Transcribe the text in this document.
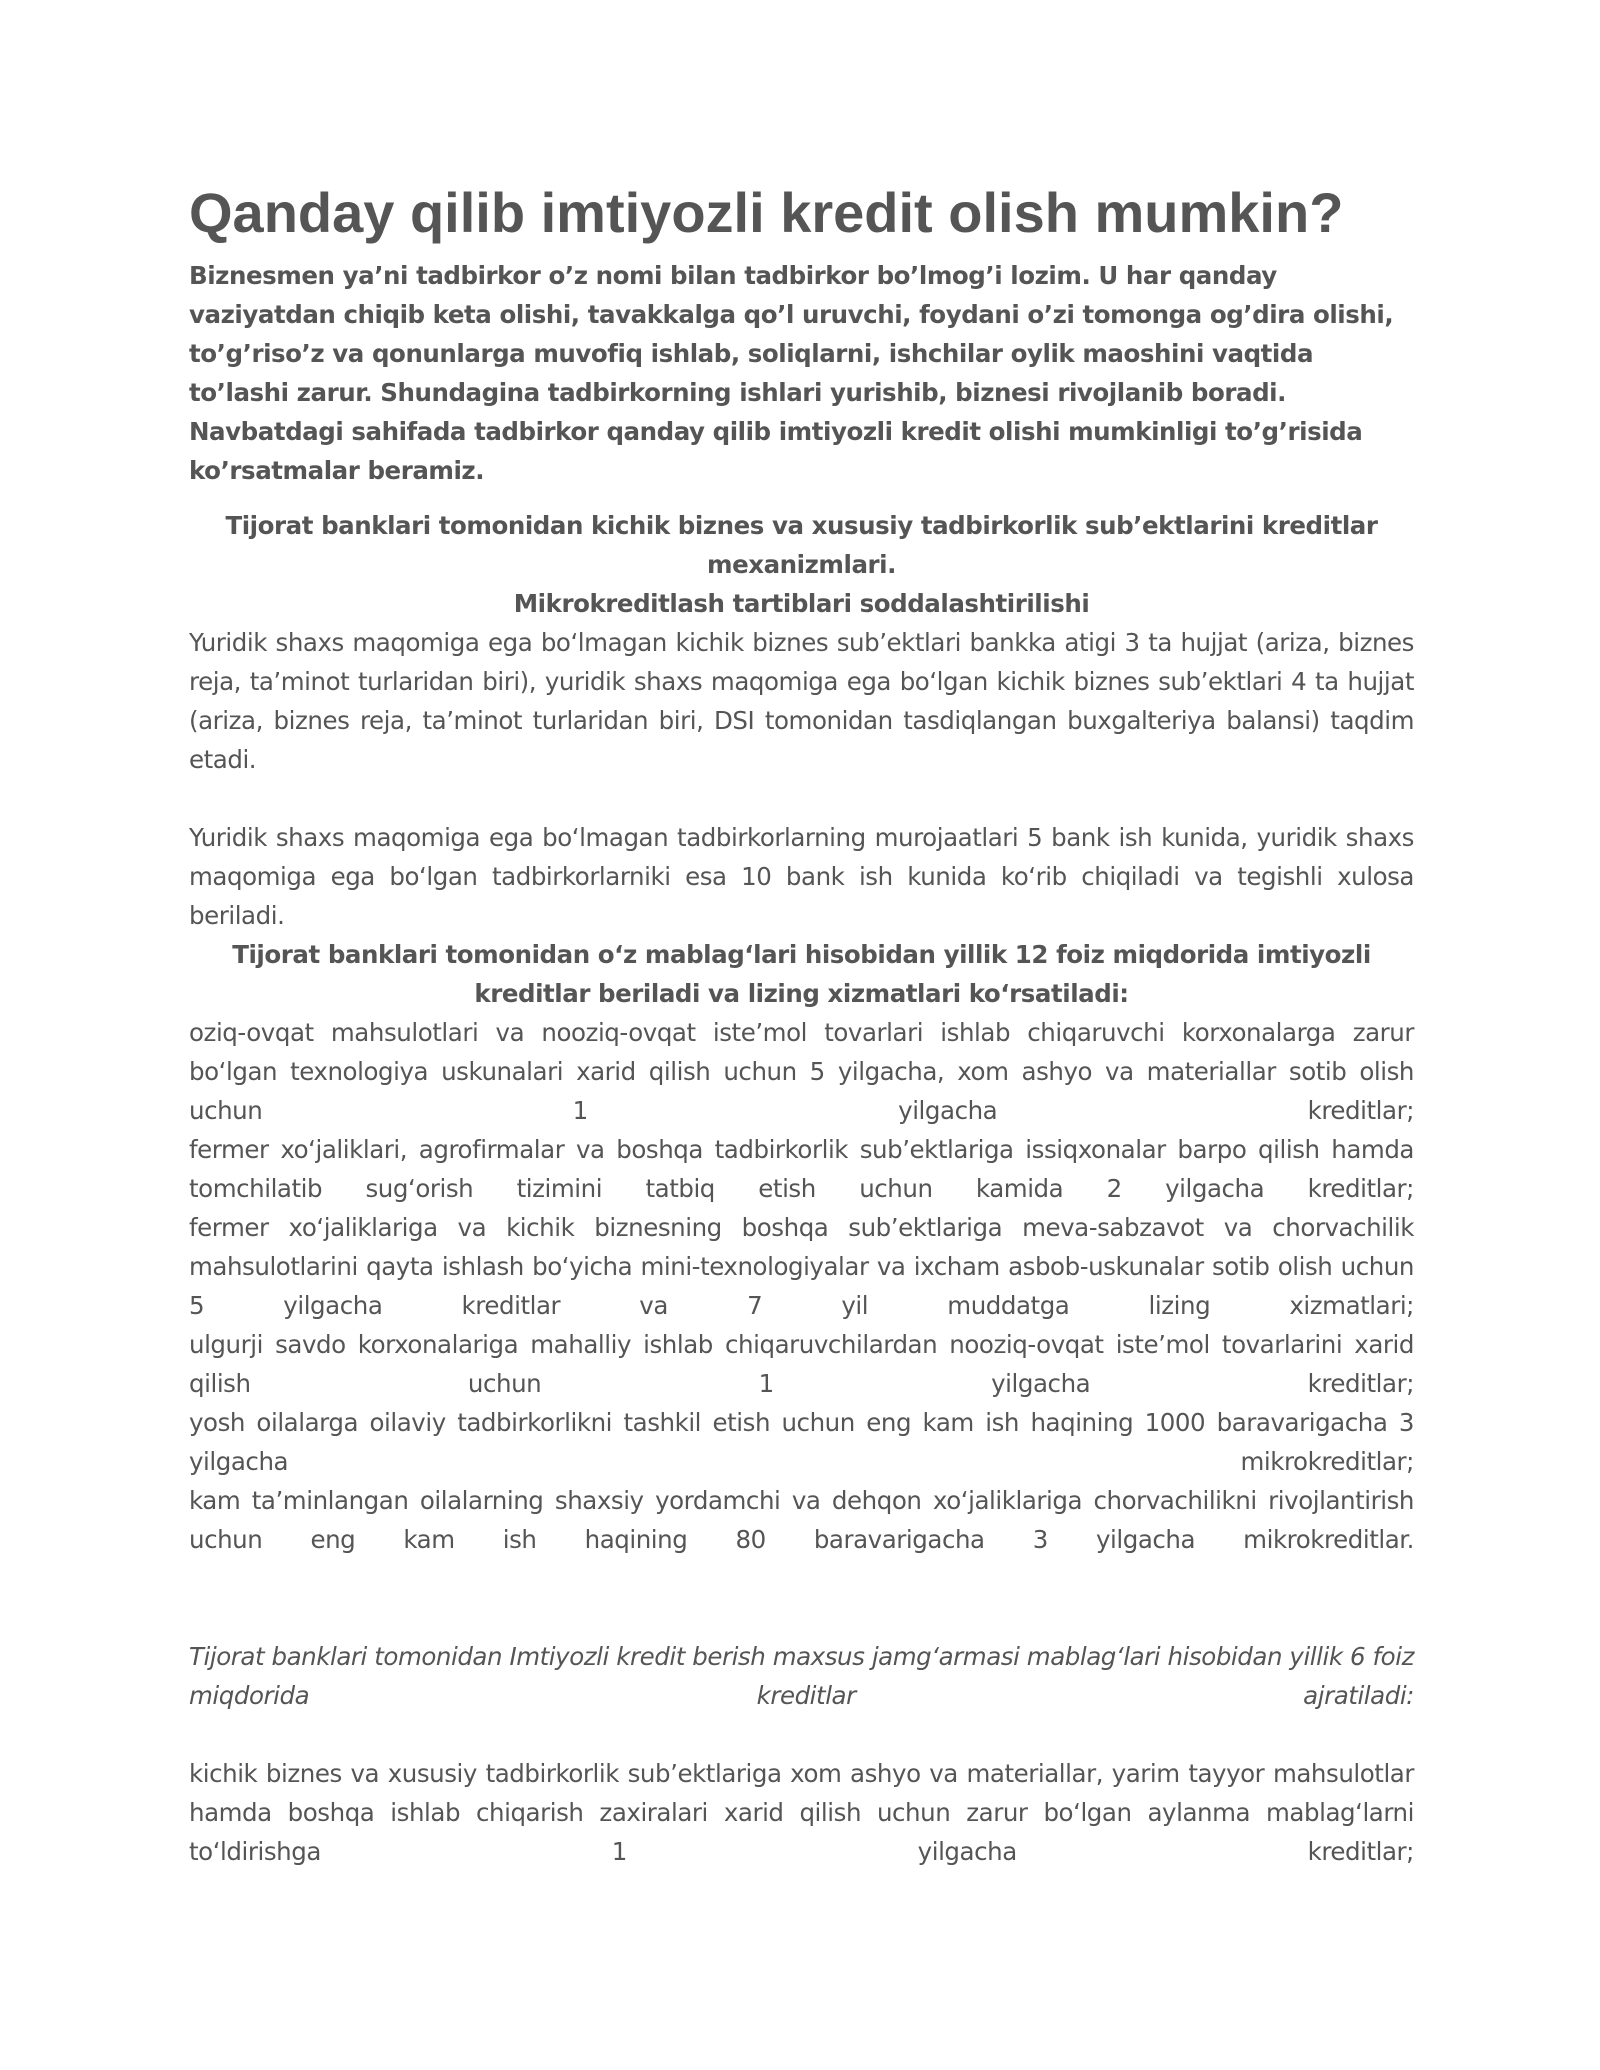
Qanday qilib imtiyozli kredit olish mumkin?

Biznesmen ya’ni tadbirkor o’z nomi bilan tadbirkor bo’lmog’i lozim. U har qanday vaziyatdan chiqib keta olishi, tavakkalga qo’l uruvchi, foydani o’zi tomonga og’dira olishi, to’g’riso’z va qonunlarga muvofiq ishlab, soliqlarni, ishchilar oylik maoshini vaqtida to’lashi zarur. Shundagina tadbirkorning ishlari yurishib, biznesi rivojlanib boradi. Navbatdagi sahifada tadbirkor qanday qilib imtiyozli kredit olishi mumkinligi to’g’risida ko’rsatmalar beramiz.

Tijorat banklari tomonidan kichik biznes va xususiy tadbirkorlik sub’ektlarini kreditlar mexanizmlari.

Mikrokreditlash tartiblari soddalashtirilishi

Yuridik shaxs maqomiga ega bo‘lmagan kichik biznes sub’ektlari bankka atigi 3 ta hujjat (ariza, biznes reja, ta’minot turlaridan biri), yuridik shaxs maqomiga ega bo‘lgan kichik biznes sub’ektlari 4 ta hujjat (ariza, biznes reja, ta’minot turlaridan biri, DSI tomonidan tasdiqlangan buxgalteriya balansi) taqdim etadi.

Yuridik shaxs maqomiga ega bo‘lmagan tadbirkorlarning murojaatlari 5 bank ish kunida, yuridik shaxs maqomiga ega bo‘lgan tadbirkorlarniki esa 10 bank ish kunida ko‘rib chiqiladi va tegishli xulosa beriladi.

Tijorat banklari tomonidan o‘z mablag‘lari hisobidan yillik 12 foiz miqdorida imtiyozli kreditlar beriladi va lizing xizmatlari ko‘rsatiladi:

oziq-ovqat mahsulotlari va nooziq-ovqat iste’mol tovarlari ishlab chiqaruvchi korxonalarga zarur bo‘lgan texnologiya uskunalari xarid qilish uchun 5 yilgacha, xom ashyo va materiallar sotib olish uchun 1 yilgacha kreditlar;

fermer xo‘jaliklari, agrofirmalar va boshqa tadbirkorlik sub’ektlariga issiqxonalar barpo qilish hamda tomchilatib sug‘orish tizimini tatbiq etish uchun kamida 2 yilgacha kreditlar;

fermer xo‘jaliklariga va kichik biznesning boshqa sub’ektlariga meva-sabzavot va chorvachilik mahsulotlarini qayta ishlash bo‘yicha mini-texnologiyalar va ixcham asbob-uskunalar sotib olish uchun 5 yilgacha kreditlar va 7 yil muddatga lizing xizmatlari;

ulgurji savdo korxonalariga mahalliy ishlab chiqaruvchilardan nooziq-ovqat iste’mol tovarlarini xarid qilish uchun 1 yilgacha kreditlar;

yosh oilalarga oilaviy tadbirkorlikni tashkil etish uchun eng kam ish haqining 1000 baravarigacha 3 yilgacha mikrokreditlar;

kam ta’minlangan oilalarning shaxsiy yordamchi va dehqon xo‘jaliklariga chorvachilikni rivojlantirish uchun eng kam ish haqining 80 baravarigacha 3 yilgacha mikrokreditlar.

Tijorat banklari tomonidan Imtiyozli kredit berish maxsus jamg‘armasi mablag‘lari hisobidan yillik 6 foiz miqdorida kreditlar ajratiladi:

kichik biznes va xususiy tadbirkorlik sub’ektlariga xom ashyo va materiallar, yarim tayyor mahsulotlar hamda boshqa ishlab chiqarish zaxiralari xarid qilish uchun zarur bo‘lgan aylanma mablag‘larni to‘ldirishga 1 yilgacha kreditlar;
